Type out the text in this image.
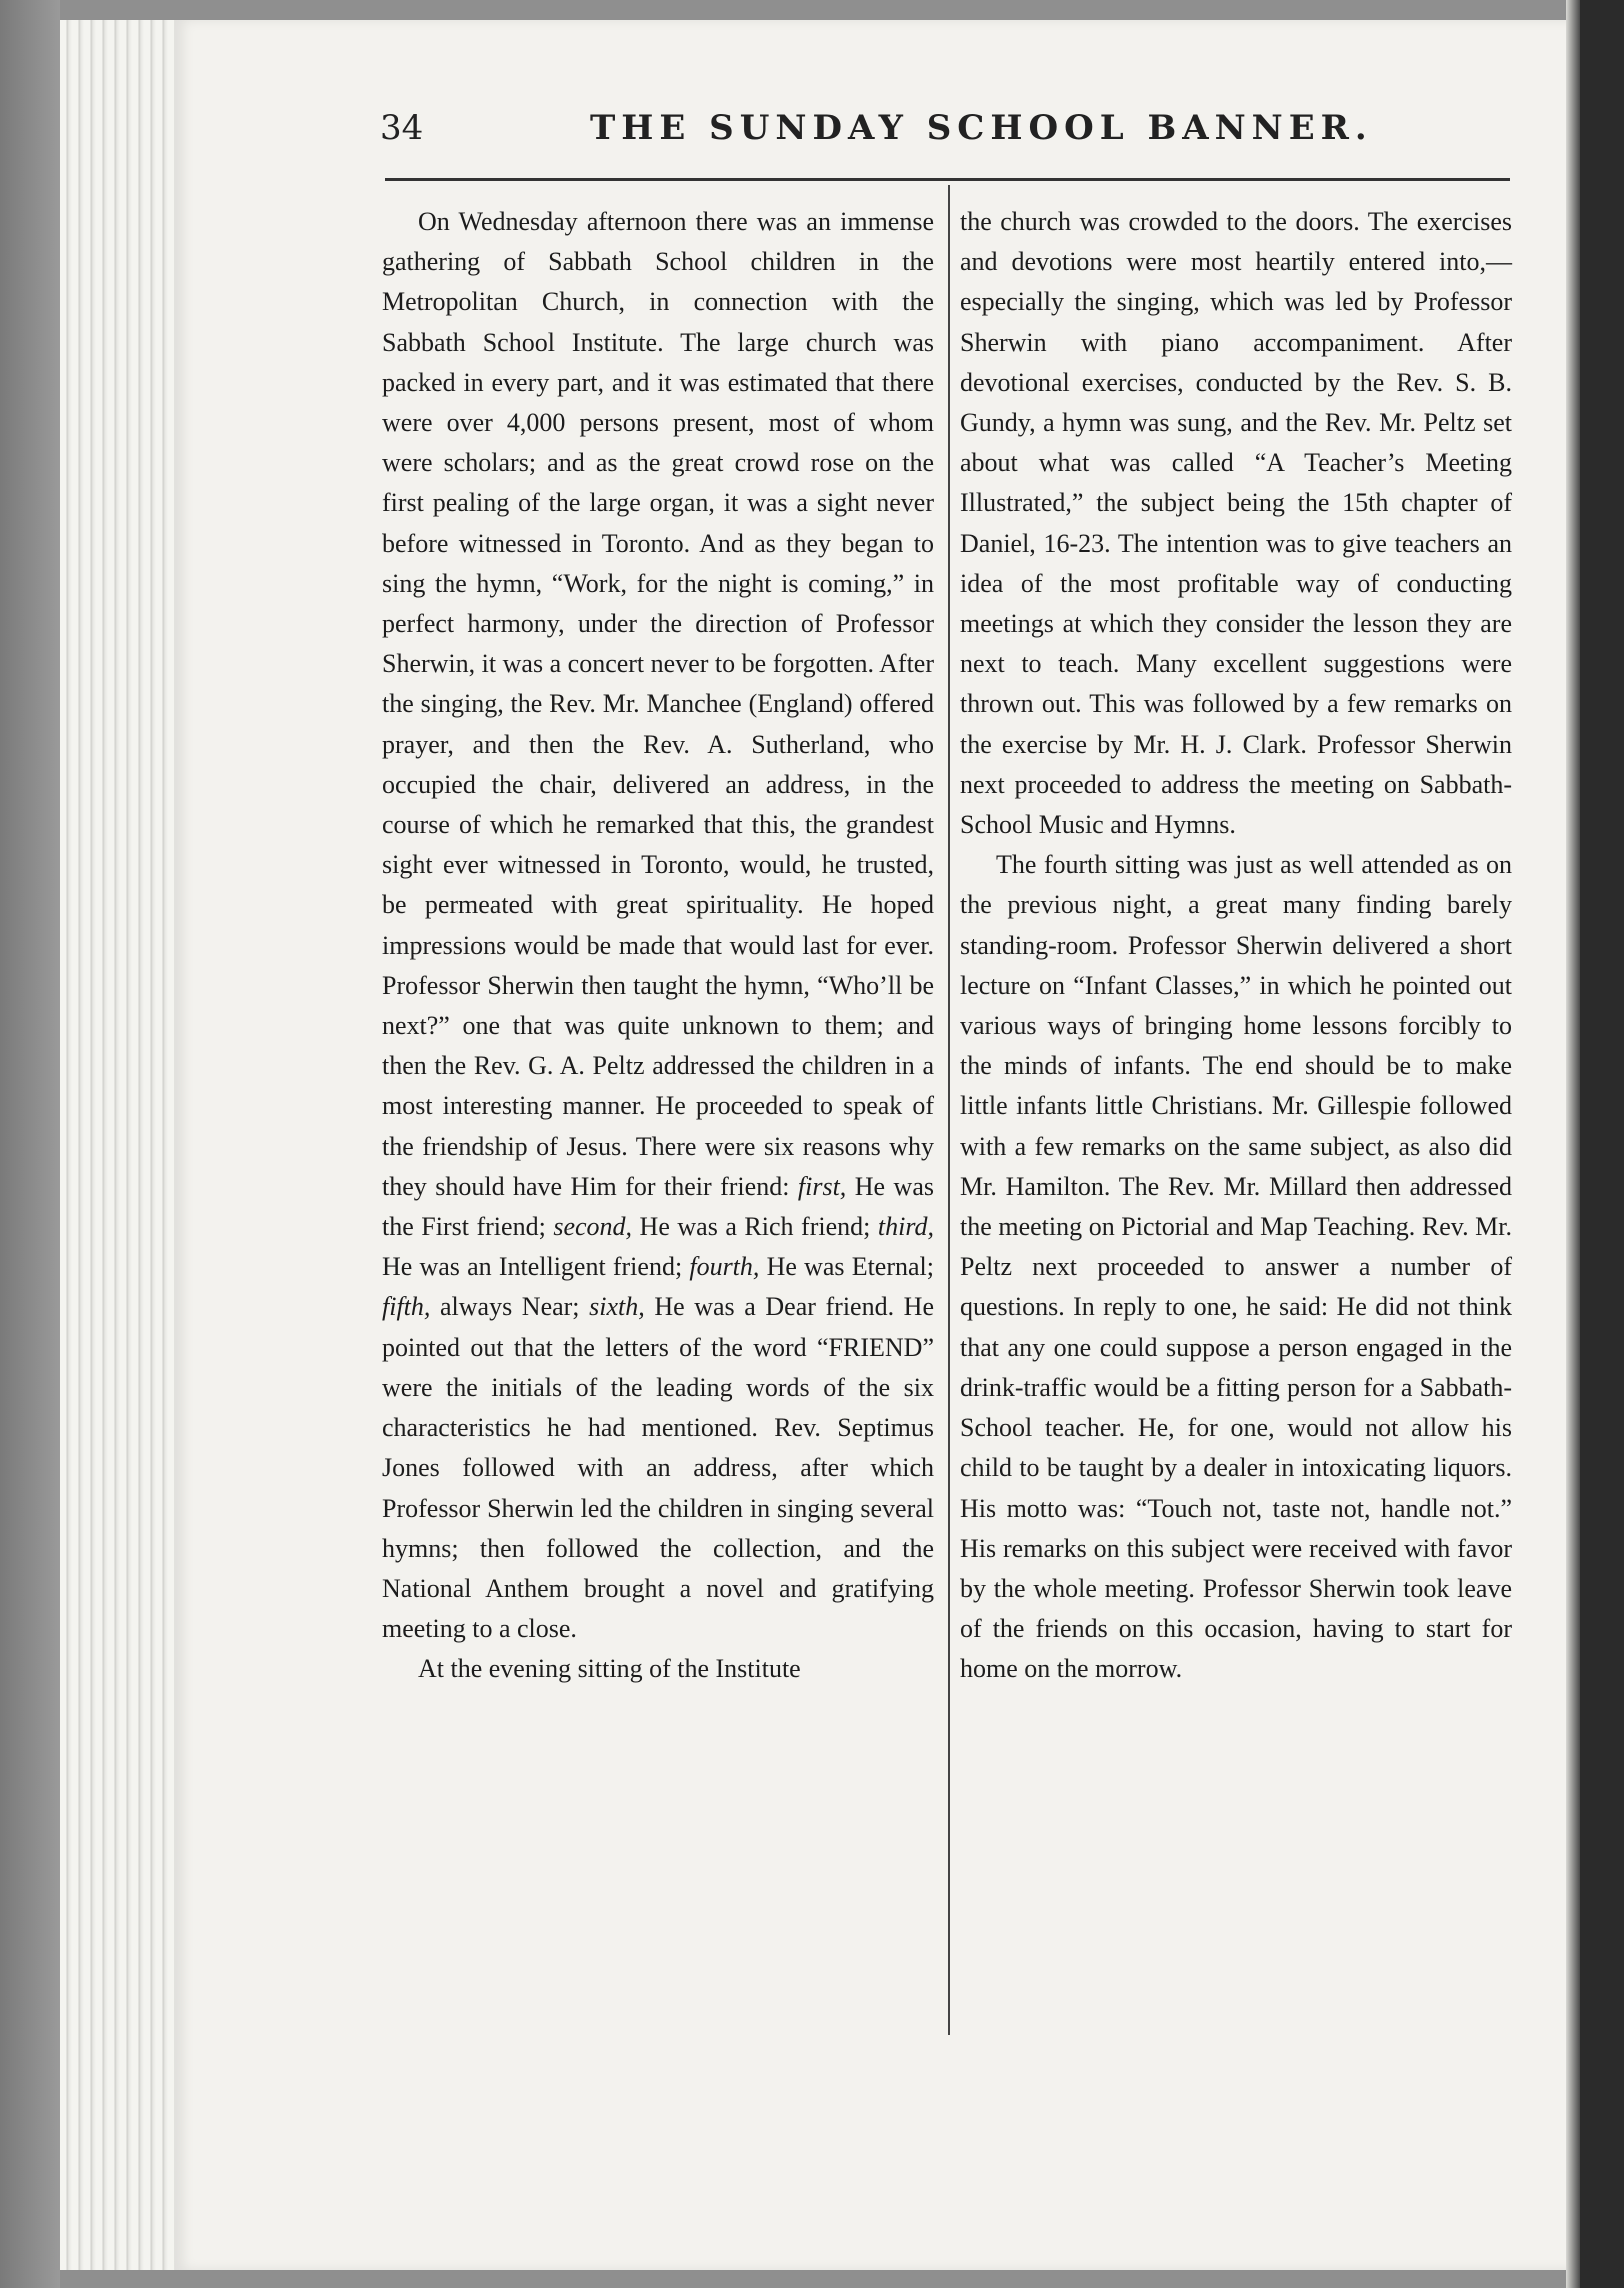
34	THE SUNDAY SCHOOL BANNER.

On Wednesday afternoon there was an immense gathering of Sabbath School children in the Metropolitan Church, in connection with the Sabbath School Institute. The large church was packed in every part, and it was estimated that there were over 4,000 persons present, most of whom were scholars; and as the great crowd rose on the first pealing of the large organ, it was a sight never before witnessed in Toronto. And as they began to sing the hymn, “Work, for the night is coming,” in perfect harmony, under the direction of Professor Sherwin, it was a concert never to be forgotten. After the singing, the Rev. Mr. Manchee (England) offered prayer, and then the Rev. A. Sutherland, who occupied the chair, delivered an address, in the course of which he remarked that this, the grandest sight ever witnessed in Toronto, would, he trusted, be permeated with great spirituality. He hoped impressions would be made that would last for ever. Professor Sherwin then taught the hymn, “Who’ll be next?” one that was quite unknown to them; and then the Rev. G. A. Peltz addressed the children in a most interesting manner. He proceeded to speak of the friendship of Jesus. There were six reasons why they should have Him for their friend: first, He was the First friend; second, He was a Rich friend; third, He was an Intelligent friend; fourth, He was Eternal; fifth, always Near; sixth, He was a Dear friend. He pointed out that the letters of the word “FRIEND” were the initials of the leading words of the six characteristics he had mentioned. Rev. Septimus Jones followed with an address, after which Professor Sherwin led the children in singing several hymns; then followed the collection, and the National Anthem brought a novel and gratifying meeting to a close.

At the evening sitting of the Institute

the church was crowded to the doors. The exercises and devotions were most heartily entered into,—especially the singing, which was led by Professor Sherwin with piano accompaniment. After devotional exercises, conducted by the Rev. S. B. Gundy, a hymn was sung, and the Rev. Mr. Peltz set about what was called “A Teacher’s Meeting Illustrated,” the subject being the 15th chapter of Daniel, 16-23. The intention was to give teachers an idea of the most profitable way of conducting meetings at which they consider the lesson they are next to teach. Many excellent suggestions were thrown out. This was followed by a few remarks on the exercise by Mr. H. J. Clark. Professor Sherwin next proceeded to address the meeting on Sabbath-School Music and Hymns.

The fourth sitting was just as well attended as on the previous night, a great many finding barely standing-room. Professor Sherwin delivered a short lecture on “Infant Classes,” in which he pointed out various ways of bringing home lessons forcibly to the minds of infants. The end should be to make little infants little Christians. Mr. Gillespie followed with a few remarks on the same subject, as also did Mr. Hamilton. The Rev. Mr. Millard then addressed the meeting on Pictorial and Map Teaching. Rev. Mr. Peltz next proceeded to answer a number of questions. In reply to one, he said: He did not think that any one could suppose a person engaged in the drink-traffic would be a fitting person for a Sabbath-School teacher. He, for one, would not allow his child to be taught by a dealer in intoxicating liquors. His motto was: “Touch not, taste not, handle not.” His remarks on this subject were received with favor by the whole meeting. Professor Sherwin took leave of the friends on this occasion, having to start for home on the morrow.
